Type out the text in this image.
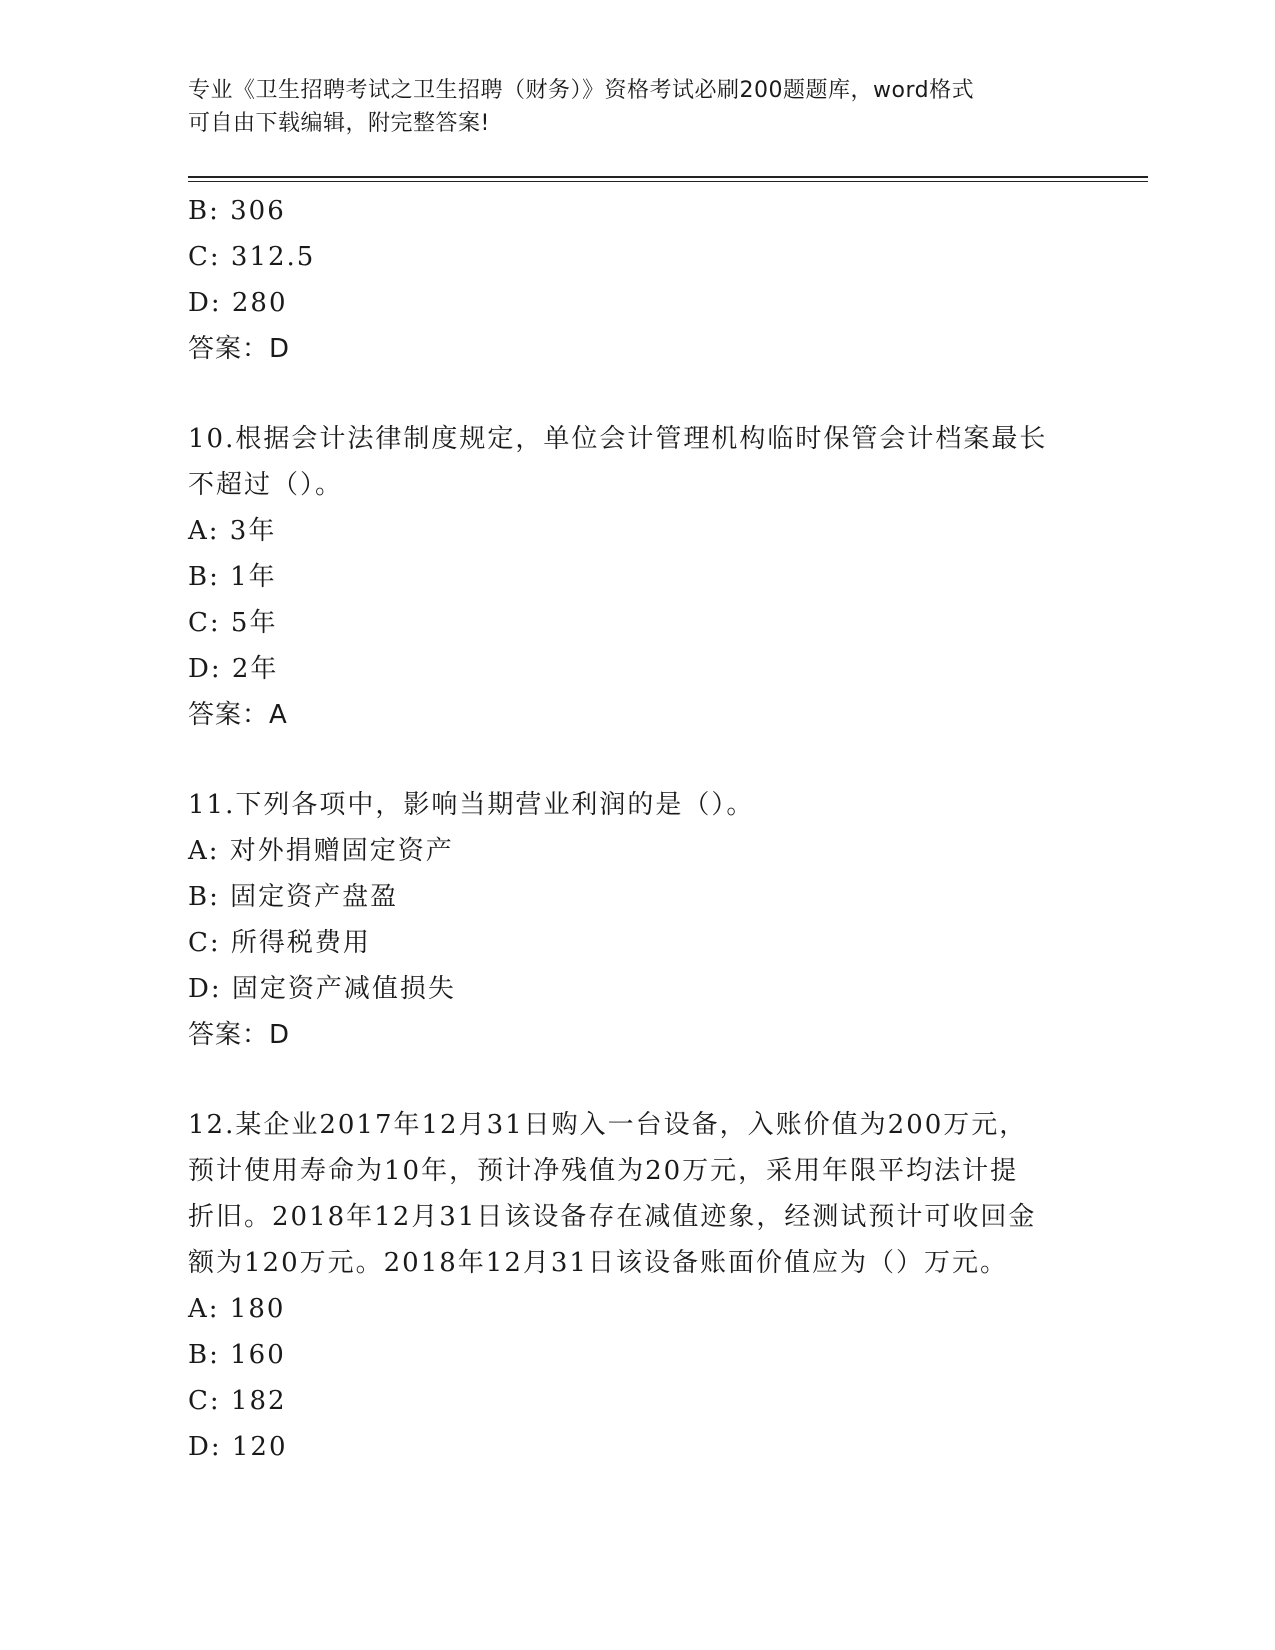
专业《卫生招聘考试之卫生招聘（财务）》资格考试必刷200题题库，word格式
可自由下载编辑，附完整答案!
B: 306
C: 312.5
D: 280
答案：D
10.根据会计法律制度规定，单位会计管理机构临时保管会计档案最长
不超过（）。
A: 3年
B: 1年
C: 5年
D: 2年
答案：A
11.下列各项中，影响当期营业利润的是（）。
A: 对外捐赠固定资产
B: 固定资产盘盈
C: 所得税费用
D: 固定资产减值损失
答案：D
12.某企业2017年12月31日购入一台设备，入账价值为200万元，
预计使用寿命为10年，预计净残值为20万元，采用年限平均法计提
折旧。2018年12月31日该设备存在减值迹象，经测试预计可收回金
额为120万元。2018年12月31日该设备账面价值应为（）万元。
A: 180
B: 160
C: 182
D: 120
